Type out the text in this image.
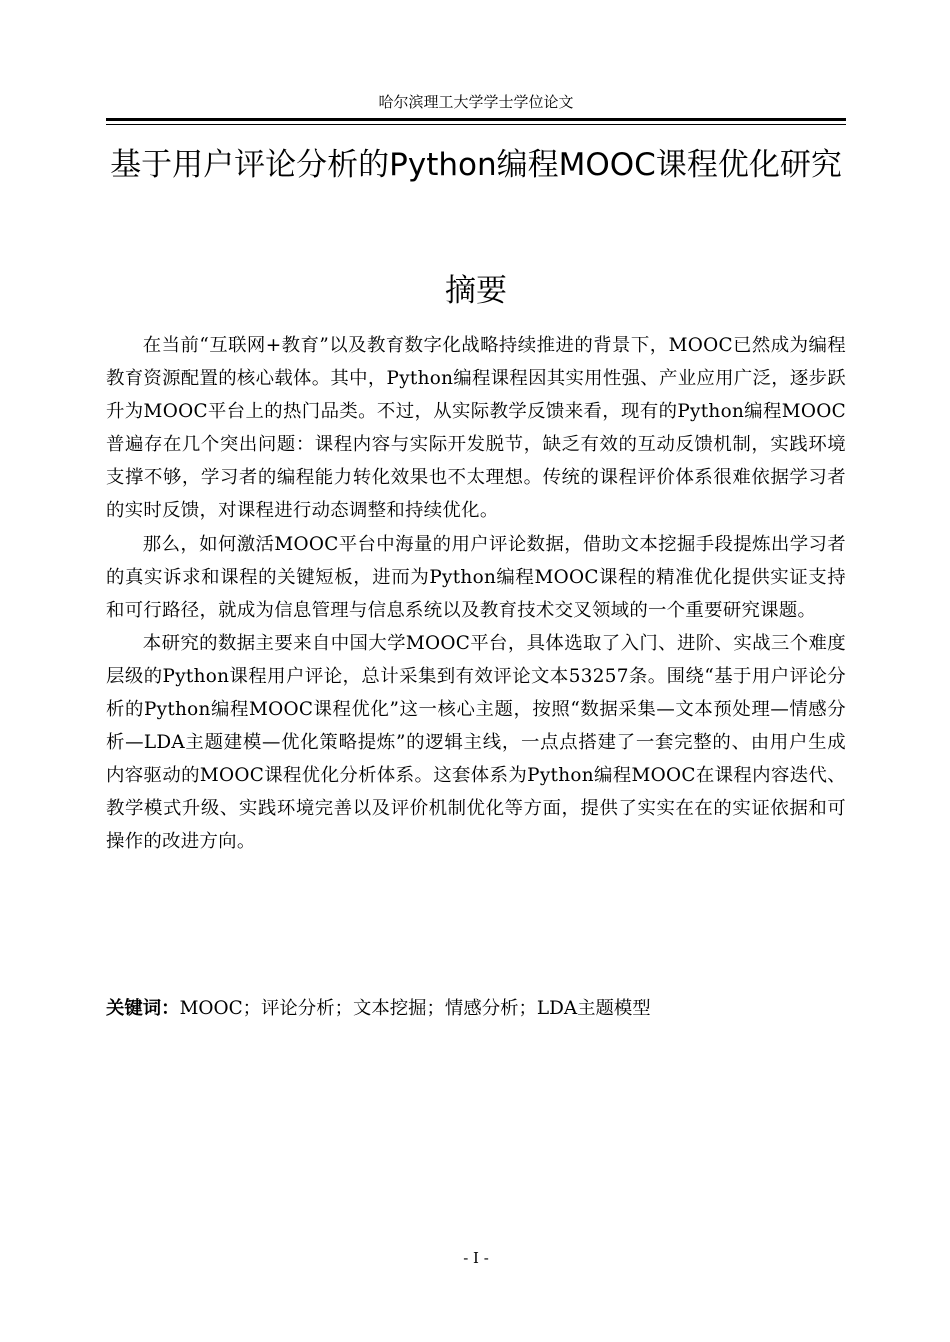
哈尔滨理工大学学士学位论文
基于用户评论分析的Python编程MOOC课程优化研究
摘要

在当前“互联网+教育”以及教育数字化战略持续推进的背景下，MOOC已然成为编程教育资源配置的核心载体。其中，Python编程课程因其实用性强、产业应用广泛，逐步跃升为MOOC平台上的热门品类。不过，从实际教学反馈来看，现有的Python编程MOOC普遍存在几个突出问题：课程内容与实际开发脱节，缺乏有效的互动反馈机制，实践环境支撑不够，学习者的编程能力转化效果也不太理想。传统的课程评价体系很难依据学习者的实时反馈，对课程进行动态调整和持续优化。

那么，如何激活MOOC平台中海量的用户评论数据，借助文本挖掘手段提炼出学习者的真实诉求和课程的关键短板，进而为Python编程MOOC课程的精准优化提供实证支持和可行路径，就成为信息管理与信息系统以及教育技术交叉领域的一个重要研究课题。

本研究的数据主要来自中国大学MOOC平台，具体选取了入门、进阶、实战三个难度层级的Python课程用户评论，总计采集到有效评论文本53257条。围绕“基于用户评论分析的Python编程MOOC课程优化”这一核心主题，按照“数据采集—文本预处理—情感分析—LDA主题建模—优化策略提炼”的逻辑主线，一点点搭建了一套完整的、由用户生成内容驱动的MOOC课程优化分析体系。这套体系为Python编程MOOC在课程内容迭代、教学模式升级、实践环境完善以及评价机制优化等方面，提供了实实在在的实证依据和可操作的改进方向。

关键词：MOOC；评论分析；文本挖掘；情感分析；LDA主题模型
- I -
